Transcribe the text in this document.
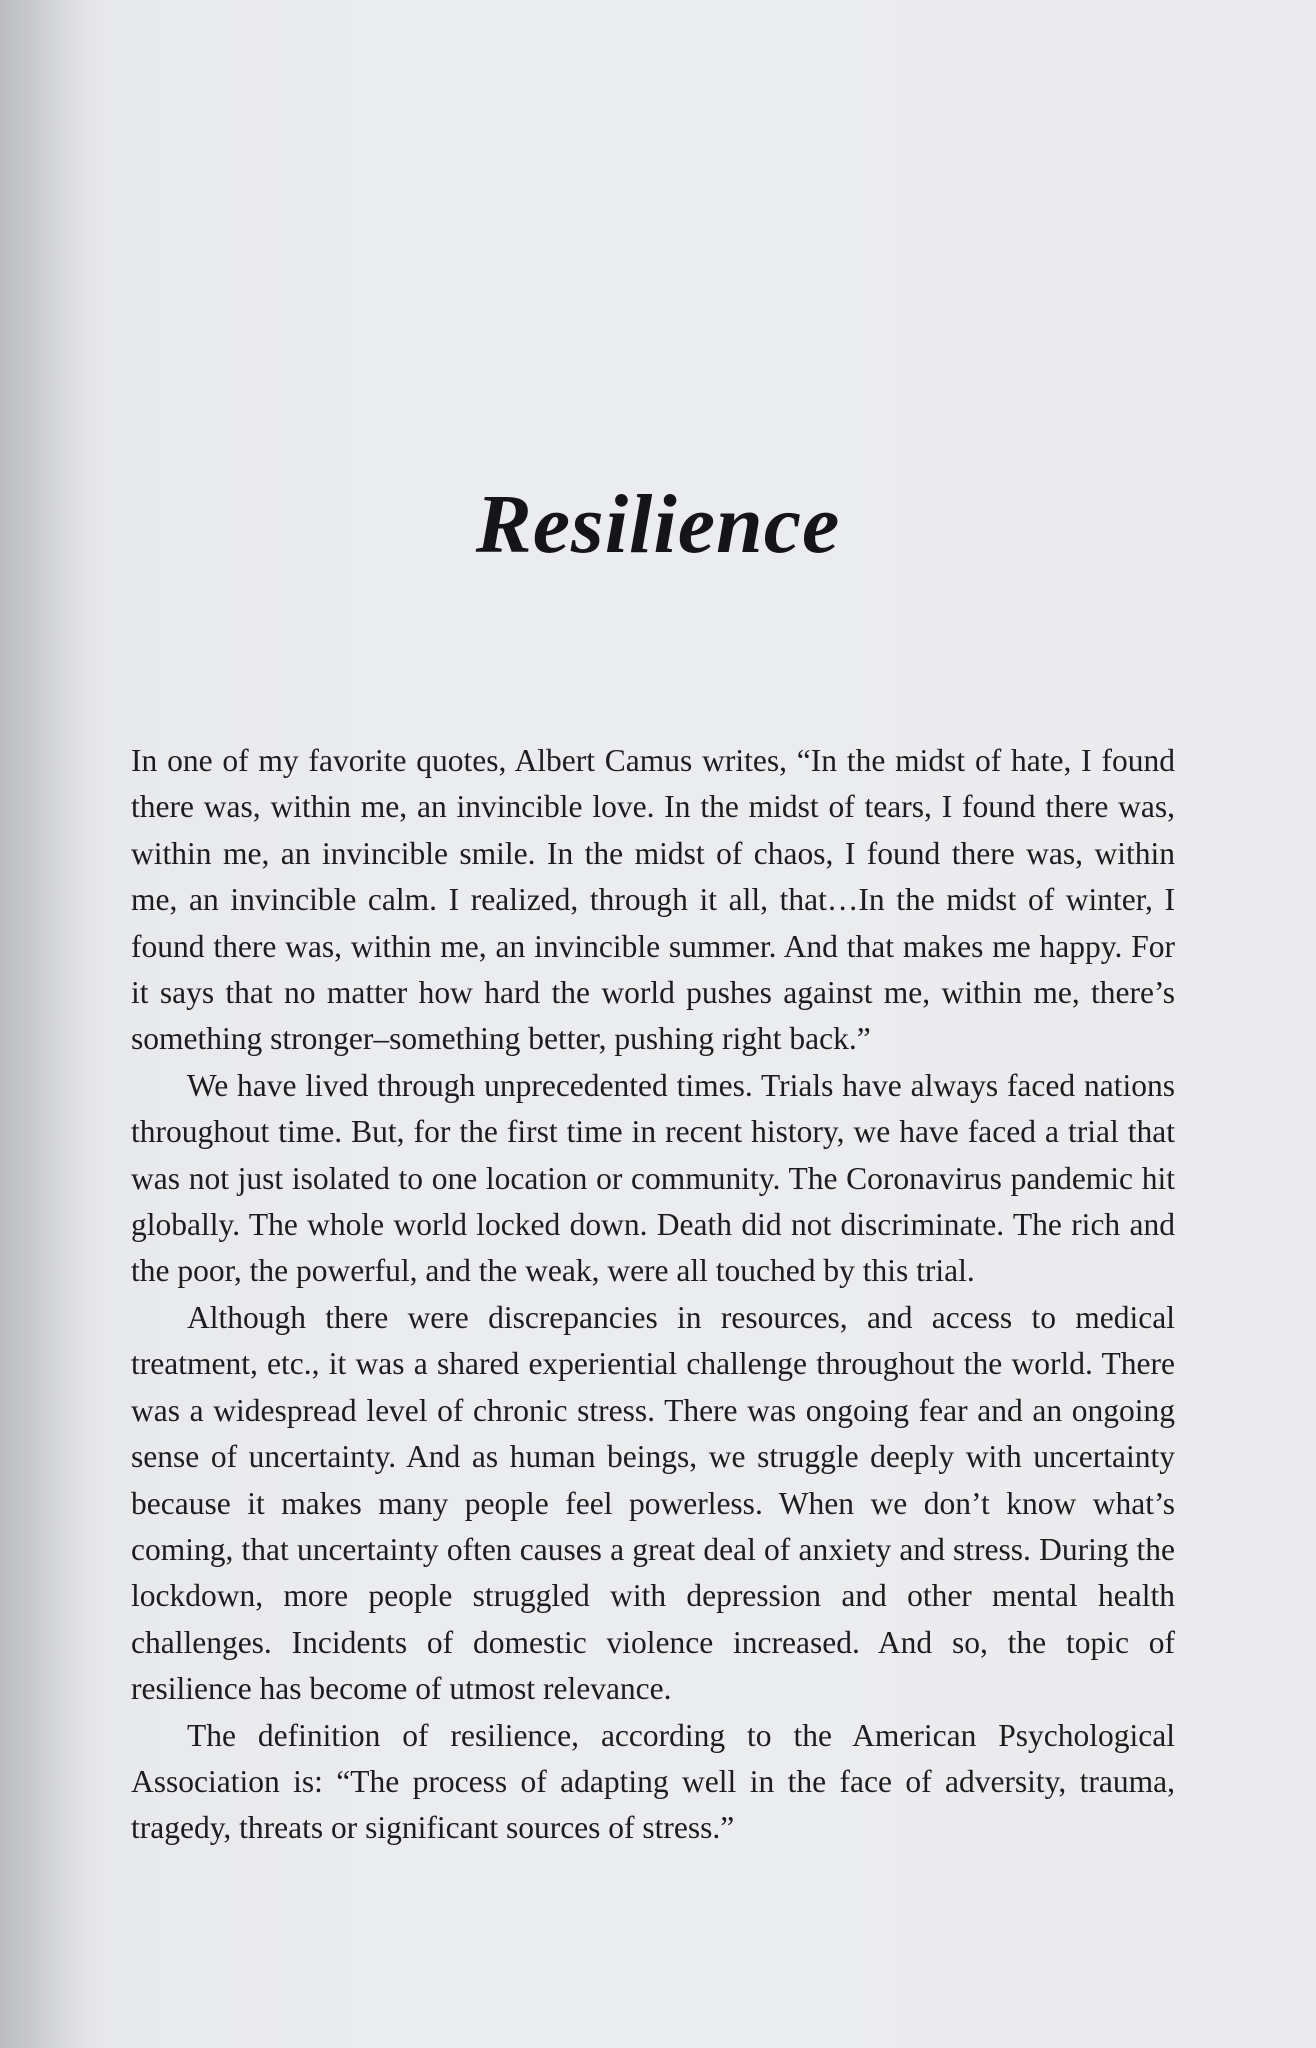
Resilience

In one of my favorite quotes, Albert Camus writes, “In the midst of hate, I found there was, within me, an invincible love. In the midst of tears, I found there was, within me, an invincible smile. In the midst of chaos, I found there was, within me, an invincible calm. I realized, through it all, that…In the midst of winter, I found there was, within me, an invincible summer. And that makes me happy. For it says that no matter how hard the world pushes against me, within me, there’s something stronger–something better, pushing right back.”

We have lived through unprecedented times. Trials have always faced nations throughout time. But, for the first time in recent history, we have faced a trial that was not just isolated to one location or community. The Coronavirus pandemic hit globally. The whole world locked down. Death did not discriminate. The rich and the poor, the powerful, and the weak, were all touched by this trial.

Although there were discrepancies in resources, and access to medical treatment, etc., it was a shared experiential challenge throughout the world. There was a widespread level of chronic stress. There was ongoing fear and an ongoing sense of uncertainty. And as human beings, we struggle deeply with uncertainty because it makes many people feel powerless. When we don’t know what’s coming, that uncertainty often causes a great deal of anxiety and stress. During the lockdown, more people struggled with depression and other mental health challenges. Incidents of domestic violence increased. And so, the topic of resilience has become of utmost relevance.

The definition of resilience, according to the American Psychological Association is: “The process of adapting well in the face of adversity, trauma, tragedy, threats or significant sources of stress.”
